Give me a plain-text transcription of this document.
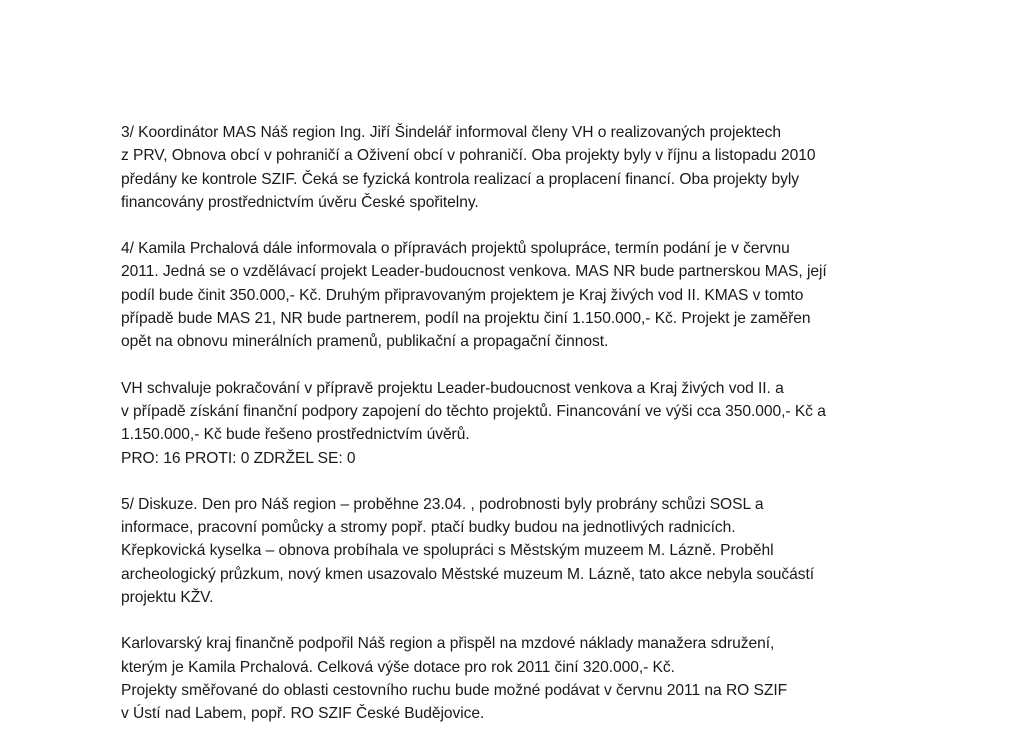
3/ Koordinátor MAS Náš region Ing. Jiří Šindelář informoval členy VH o realizovaných projektech
z PRV, Obnova obcí v pohraničí a Oživení obcí v pohraničí. Oba projekty byly v říjnu a listopadu 2010
předány ke kontrole SZIF. Čeká se fyzická kontrola realizací a proplacení financí. Oba projekty byly
financovány prostřednictvím úvěru České spořitelny.
4/ Kamila Prchalová dále informovala o přípravách projektů spolupráce, termín podání je v červnu
2011. Jedná se o vzdělávací projekt Leader-budoucnost venkova. MAS NR bude partnerskou MAS, její
podíl bude činit 350.000,- Kč. Druhým připravovaným projektem je Kraj živých vod II. KMAS v tomto
případě bude MAS 21, NR bude partnerem, podíl na projektu činí 1.150.000,- Kč. Projekt je zaměřen
opět na obnovu minerálních pramenů, publikační a propagační činnost.
VH schvaluje pokračování v přípravě projektu Leader-budoucnost venkova a Kraj živých vod II. a
v případě získání finanční podpory zapojení do těchto projektů. Financování ve výši cca 350.000,- Kč a
1.150.000,- Kč bude řešeno prostřednictvím úvěrů.
PRO: 16 PROTI: 0 ZDRŽEL SE: 0
5/ Diskuze. Den pro Náš region – proběhne 23.04. , podrobnosti byly probrány schůzi SOSL a
informace, pracovní pomůcky a stromy popř. ptačí budky budou na jednotlivých radnicích.
Křepkovická kyselka – obnova probíhala ve spolupráci s Městským muzeem M. Lázně. Proběhl
archeologický průzkum, nový kmen usazovalo Městské muzeum M. Lázně, tato akce nebyla součástí
projektu KŽV.
Karlovarský kraj finančně podpořil Náš region a přispěl na mzdové náklady manažera sdružení,
kterým je Kamila Prchalová. Celková výše dotace pro rok 2011 činí 320.000,- Kč.
Projekty směřované do oblasti cestovního ruchu bude možné podávat v červnu 2011 na RO SZIF
v Ústí nad Labem, popř. RO SZIF České Budějovice.
